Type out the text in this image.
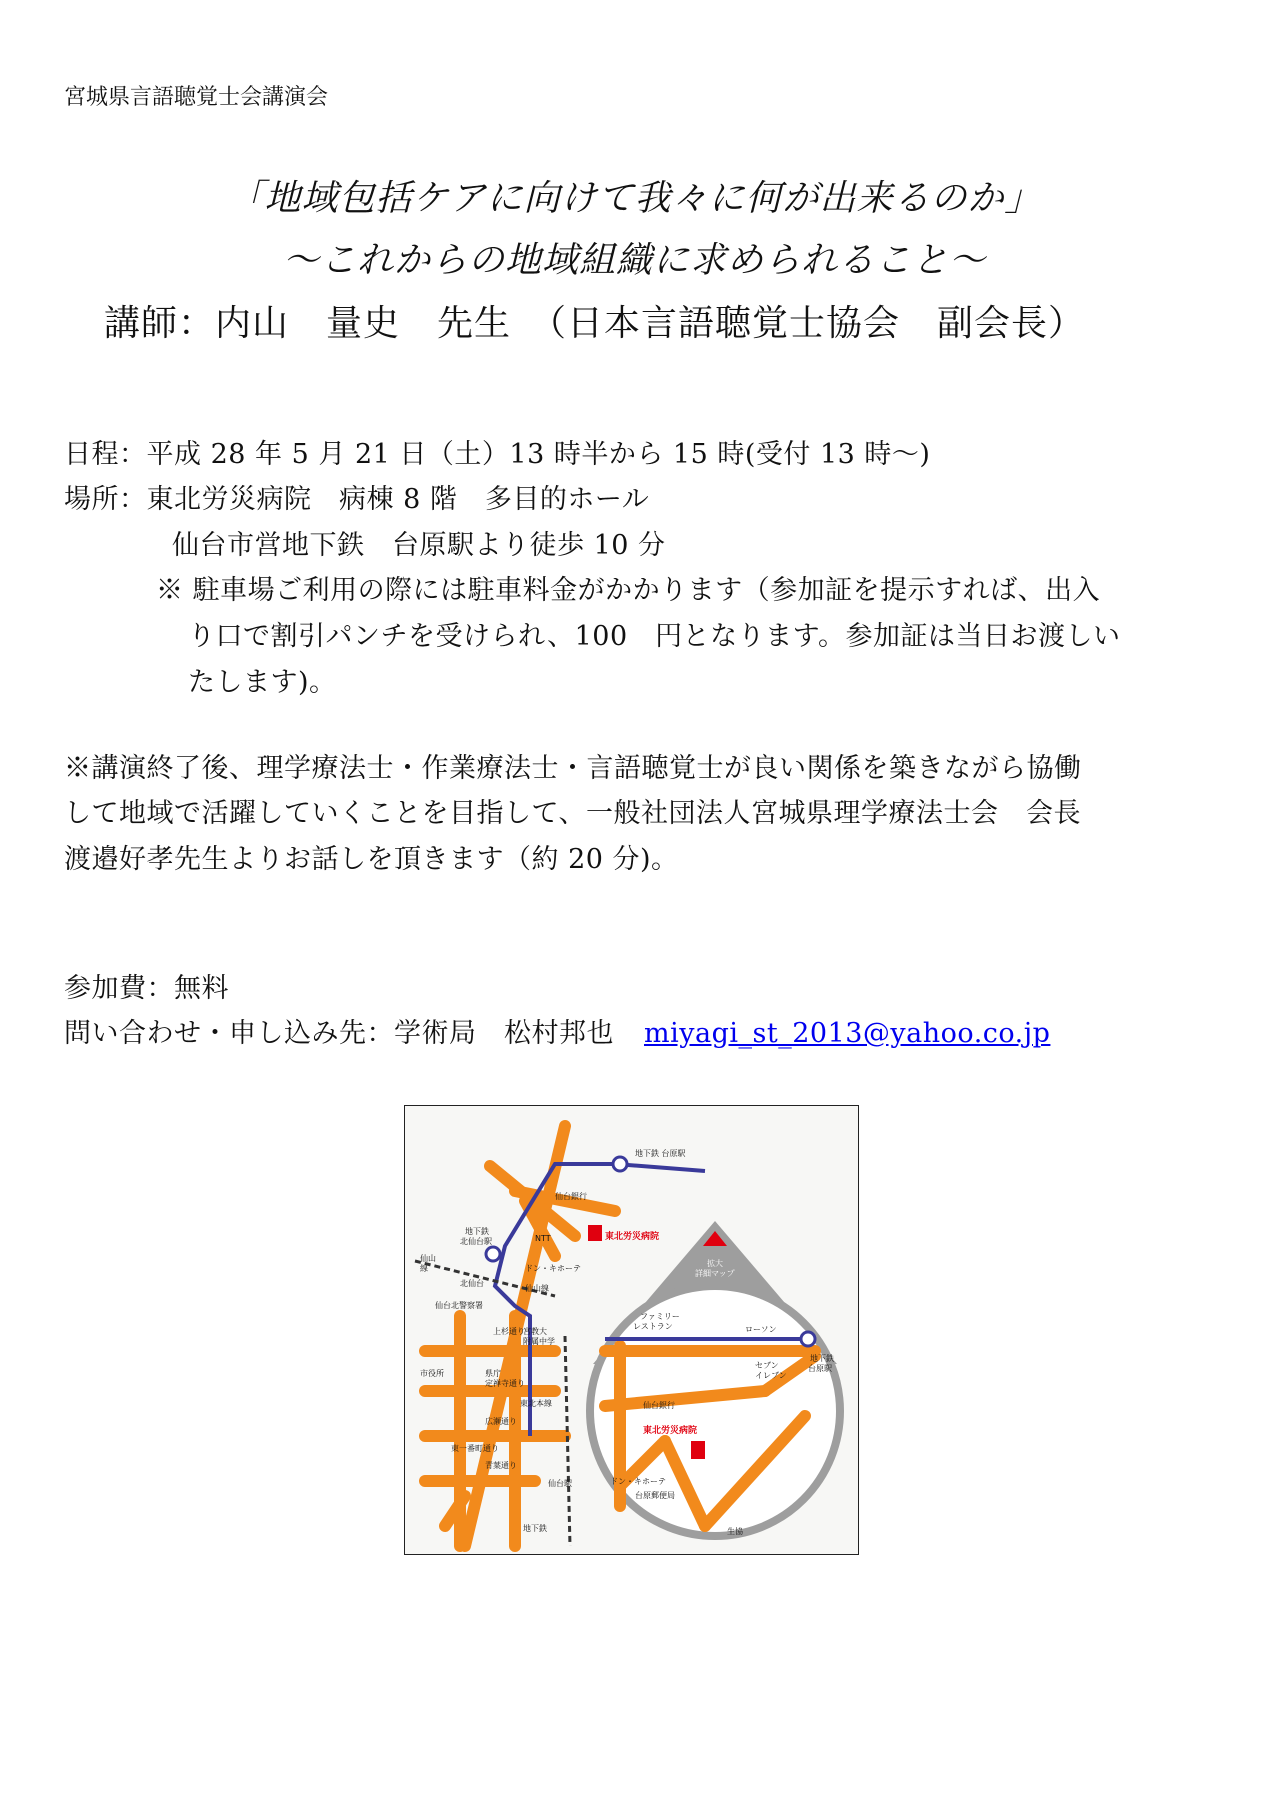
宮城県言語聴覚士会講演会
「地域包括ケアに向けて我々に何が出来るのか」
～これからの地域組織に求められること～
講師：内山　量史　先生　（日本言語聴覚士協会　副会長）
日程：平成 28 年 5 月 21 日（土）13 時半から 15 時(受付 13 時～)
場所：東北労災病院　病棟 8 階　多目的ホール
仙台市営地下鉄　台原駅より徒歩 10 分
※ 駐車場ご利用の際には駐車料金がかかります（参加証を提示すれば、出入
り口で割引パンチを受けられ、100　円となります。参加証は当日お渡しい
たします)。
※講演終了後、理学療法士・作業療法士・言語聴覚士が良い関係を築きながら協働
して地域で活躍していくことを目指して、一般社団法人宮城県理学療法士会　会長
渡邉好孝先生よりお話しを頂きます（約 20 分)。
参加費：無料
問い合わせ・申し込み先：学術局　松村邦也 miyagi_st_2013@yahoo.co.jp
地下鉄 台原駅
仙台銀行
地下鉄
北仙台駅	NTT	東北労災病院
ドン・キホーテ
拡大
詳細マップ
仙山
線
北仙台
仙山線
仙台北警察署
宮教大
附属中学
上杉通り
市役所	県庁
定禅寺通り
広瀬通り
青葉通り
東一番町通り
東北本線
仙台駅
地下鉄
ファミリー
レストラン	ローソン
地下鉄
台原駅
セブン
イレブン
仙台銀行
東北労災病院
ドン・キホーテ
台原郵便局
生協
